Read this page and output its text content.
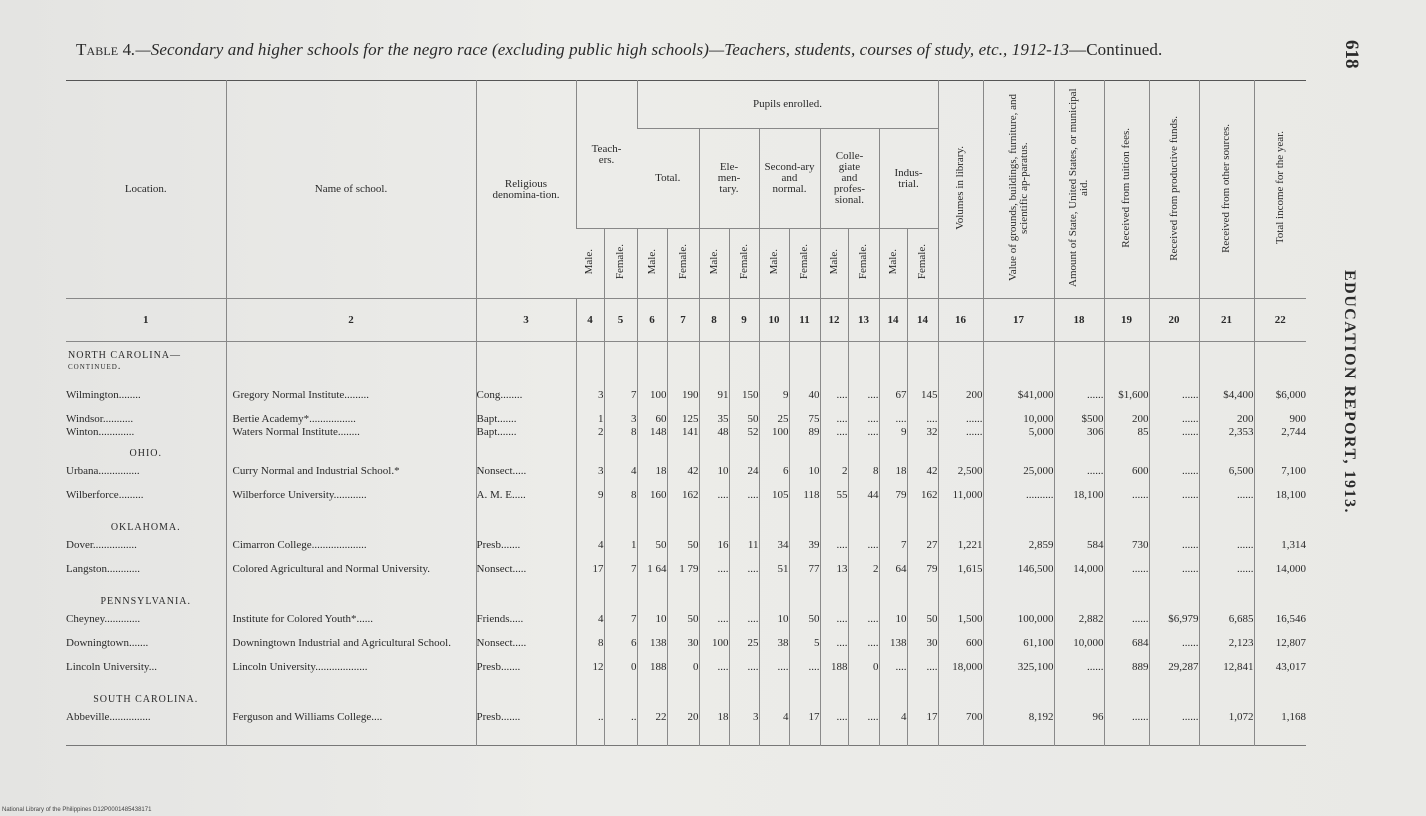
Table 4.—Secondary and higher schools for the negro race (excluding public high schools)—Teachers, students, courses of study, etc., 1912-13—Continued.	618
EDUCATION REPORT, 1913.
Location.	Name of school.	Religious denomina-tion.	Teach-ers.		Pupils enrolled.										Volumes in library.	Value of grounds, buildings, furniture, and scientific ap-paratus.	Amount of State, United States, or municipal aid.	Received from tuition fees.	Received from productive funds.	Received from other sources.	Total income for the year.
					Total.		Ele-men-tary.		Second-ary and normal.		Colle-giate and profes-sional.		Indus-trial.								
			Male.	Female.	Male.	Female.	Male.	Female.	Male.	Female.	Male.	Female.	Male.	Female.							
1	2	3	4	5	6	7	8	9	10	11	12	13	14	14	16	17	18	19	20	21	22

NORTH CAROLINA—continued.																					

Wilmington........	Gregory Normal Institute.........	Cong........	3	7	100	190	91	150	9	40	....	....	67	145	200	$41,000	......	$1,600	......	$4,400	$6,000
Windsor...........	Bertie Academy*.................	Bapt.......	1	3	60	125	35	50	25	75	....	....	....	....	......	10,000	$500	200	......	200	900
Winton.............	Waters Normal Institute........	Bapt.......	2	8	148	141	48	52	100	89	....	....	9	32	......	5,000	306	85	......	2,353	2,744

OHIO.																					

Urbana...............	Curry Normal and Industrial School.*	Nonsect.....	3	4	18	42	10	24	6	10	2	8	18	42	2,500	25,000	......	600	......	6,500	7,100
Wilberforce.........	Wilberforce University............	A. M. E.....	9	8	160	162	....	....	105	118	55	44	79	162	11,000	..........	18,100	......	......	......	18,100

OKLAHOMA.																					

Dover................	Cimarron College....................	Presb.......	4	1	50	50	16	11	34	39	....	....	7	27	1,221	2,859	584	730	......	......	1,314
Langston............	Colored Agricultural and Normal University.	Nonsect.....	17	7	1 64	1 79	....	....	51	77	13	2	64	79	1,615	146,500	14,000	......	......	......	14,000

PENNSYLVANIA.																					

Cheyney.............	Institute for Colored Youth*......	Friends.....	4	7	10	50	....	....	10	50	....	....	10	50	1,500	100,000	2,882	......	$6,979	6,685	16,546
Downingtown.......	Downingtown Industrial and Agricultural School.	Nonsect.....	8	6	138	30	100	25	38	5	....	....	138	30	600	61,100	10,000	684	......	2,123	12,807
Lincoln University...	Lincoln University...................	Presb.......	12	0	188	0	....	....	....	....	188	0	....	....	18,000	325,100	......	889	29,287	12,841	43,017

SOUTH CAROLINA.																					

Abbeville...............	Ferguson and Williams College....	Presb.......	..	..	22	20	18	3	4	17	....	....	4	17	700	8,192	96	......	......	1,072	1,168

National Library of the Philippines D12P0001485438171
